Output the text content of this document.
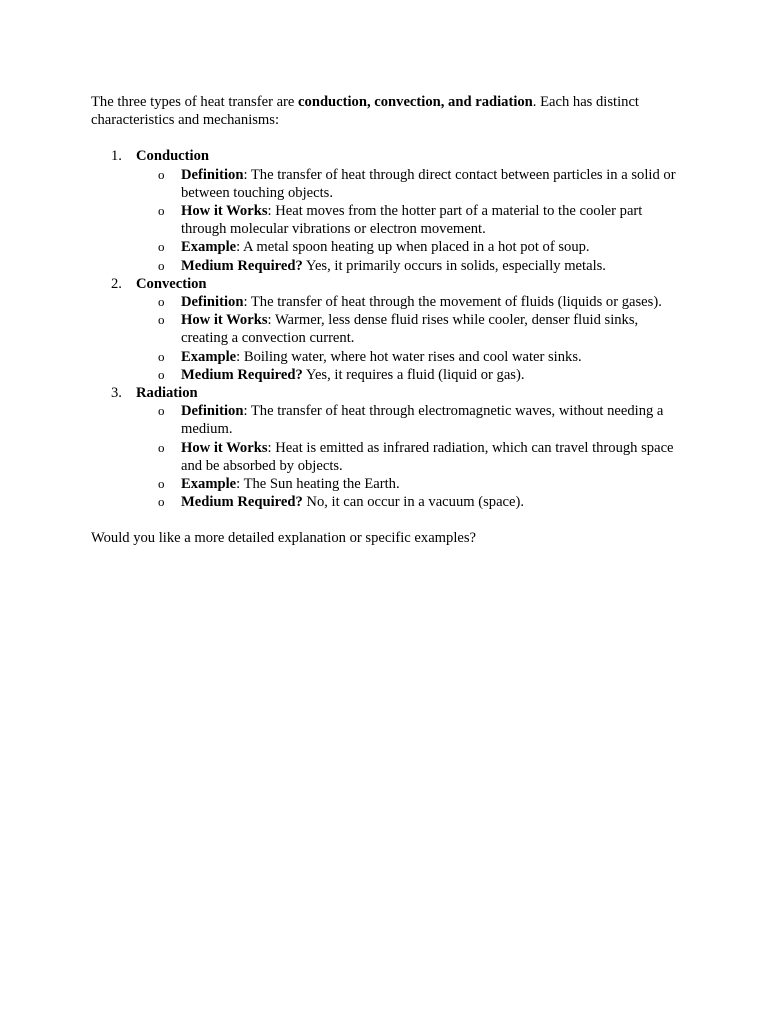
The three types of heat transfer are conduction, convection, and radiation. Each has distinct characteristics and mechanisms:

1. Conduction
o Definition: The transfer of heat through direct contact between particles in a solid or between touching objects.
o How it Works: Heat moves from the hotter part of a material to the cooler part through molecular vibrations or electron movement.
o Example: A metal spoon heating up when placed in a hot pot of soup.
o Medium Required? Yes, it primarily occurs in solids, especially metals.
2. Convection
o Definition: The transfer of heat through the movement of fluids (liquids or gases).
o How it Works: Warmer, less dense fluid rises while cooler, denser fluid sinks, creating a convection current.
o Example: Boiling water, where hot water rises and cool water sinks.
o Medium Required? Yes, it requires a fluid (liquid or gas).
3. Radiation
o Definition: The transfer of heat through electromagnetic waves, without needing a medium.
o How it Works: Heat is emitted as infrared radiation, which can travel through space and be absorbed by objects.
o Example: The Sun heating the Earth.
o Medium Required? No, it can occur in a vacuum (space).

Would you like a more detailed explanation or specific examples?
